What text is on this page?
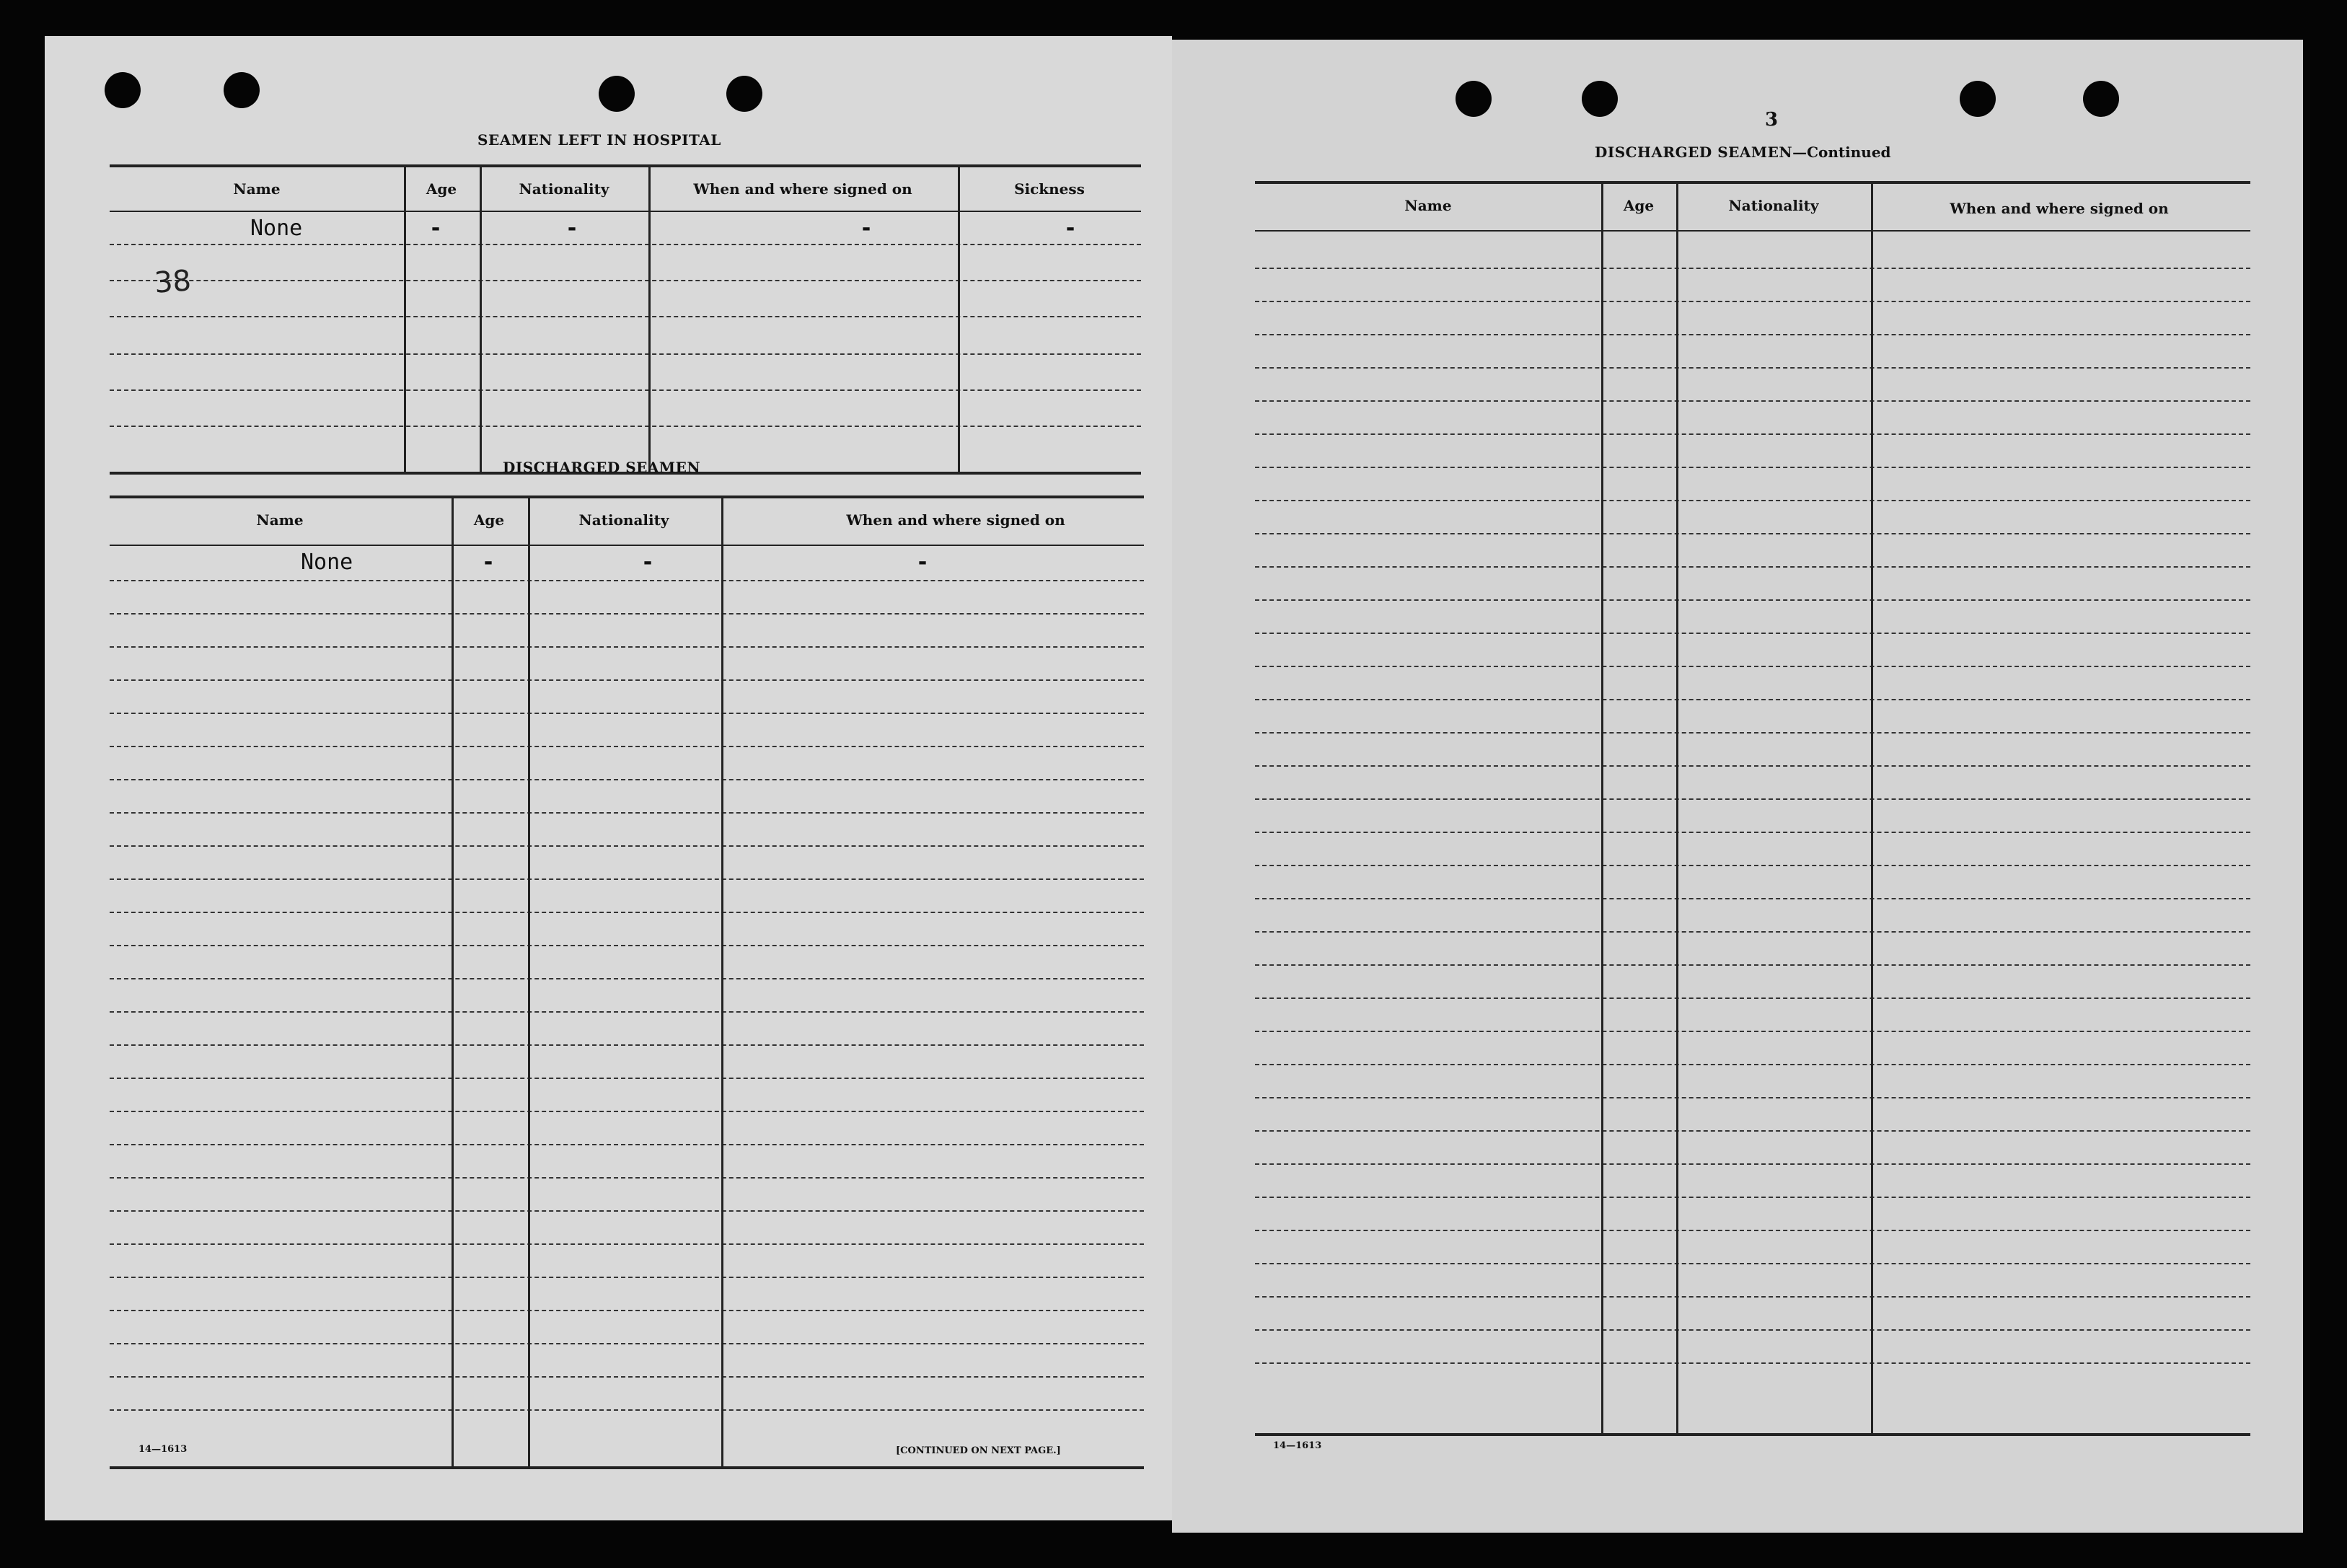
SEAMEN LEFT IN HOSPITAL
Name	Age	Nationality	When and where signed on	Sickness
None	-	-	-	-
38
DISCHARGED SEAMEN
Name	Age	Nationality	When and where signed on
None	-	-	-
14—1613	[CONTINUED ON NEXT PAGE.]
3
DISCHARGED SEAMEN—Continued
Name	Age	Nationality	When and where signed on
14—1613
